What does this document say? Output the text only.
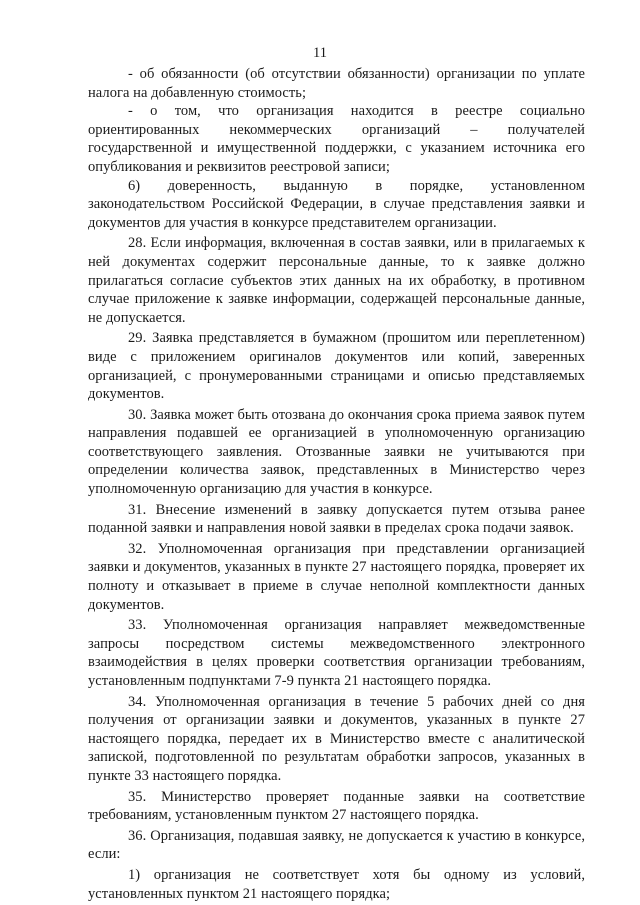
11

- об обязанности (об отсутствии обязанности) организации по уплате налога на добавленную стоимость;

- о том, что организация находится в реестре социально ориентированных некоммерческих организаций – получателей государственной и имущественной поддержки, с указанием источника его опубликования и реквизитов реестровой записи;

6) доверенность, выданную в порядке, установленном законодательством Российской Федерации, в случае представления заявки и документов для участия в конкурсе представителем организации.

28. Если информация, включенная в состав заявки, или в прилагаемых к ней документах содержит персональные данные, то к заявке должно прилагаться согласие субъектов этих данных на их обработку, в противном случае приложение к заявке информации, содержащей персональные данные, не допускается.

29. Заявка представляется в бумажном (прошитом или переплетенном) виде с приложением оригиналов документов или копий, заверенных организацией, с пронумерованными страницами и описью представляемых документов.

30. Заявка может быть отозвана до окончания срока приема заявок путем направления подавшей ее организацией в уполномоченную организацию соответствующего заявления. Отозванные заявки не учитываются при определении количества заявок, представленных в Министерство через уполномоченную организацию для участия в конкурсе.

31. Внесение изменений в заявку допускается путем отзыва ранее поданной заявки и направления новой заявки в пределах срока подачи заявок.

32. Уполномоченная организация при представлении организацией заявки и документов, указанных в пункте 27 настоящего порядка, проверяет их полноту и отказывает в приеме в случае неполной комплектности данных документов.

33. Уполномоченная организация направляет межведомственные запросы посредством системы межведомственного электронного взаимодействия в целях проверки соответствия организации требованиям, установленным подпунктами 7-9 пункта 21 настоящего порядка.

34. Уполномоченная организация в течение 5 рабочих дней со дня получения от организации заявки и документов, указанных в пункте 27 настоящего порядка, передает их в Министерство вместе с аналитической запиской, подготовленной по результатам обработки запросов, указанных в пункте 33 настоящего порядка.

35. Министерство проверяет поданные заявки на соответствие требованиям, установленным пунктом 27 настоящего порядка.

36. Организация, подавшая заявку, не допускается к участию в конкурсе, если:

1) организация не соответствует хотя бы одному из условий, установленных пунктом 21 настоящего порядка;
